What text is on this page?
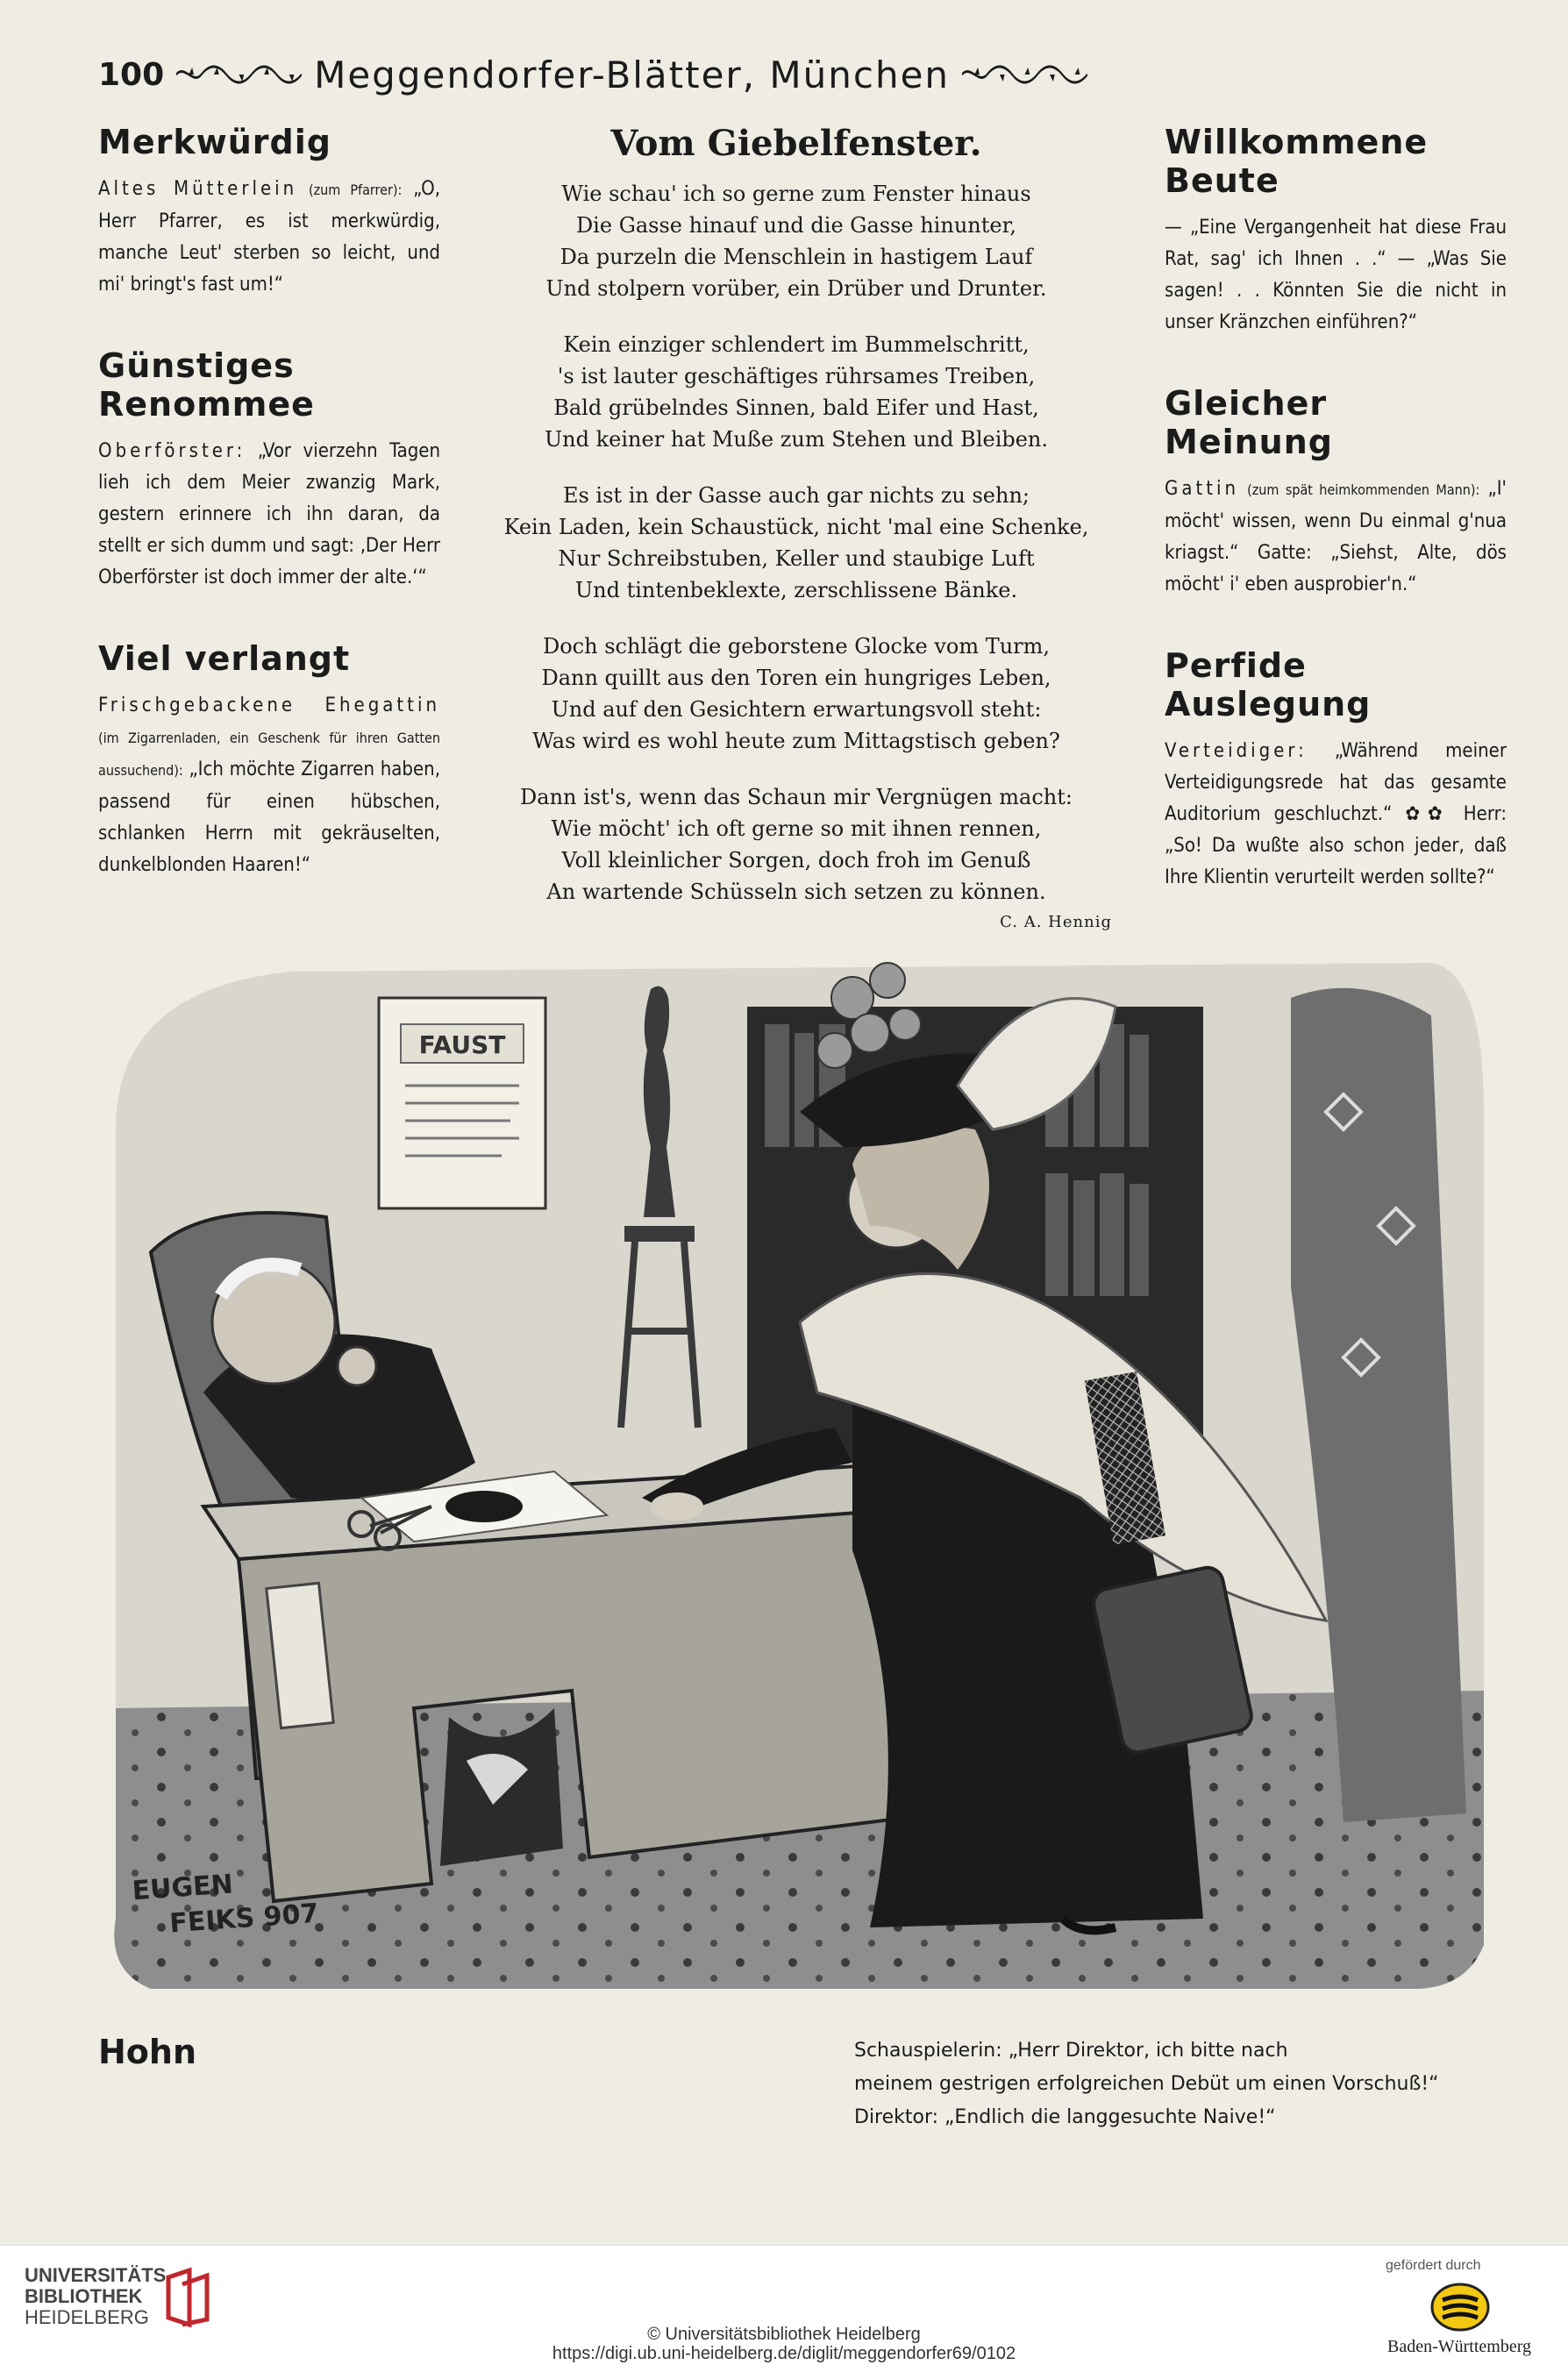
100	Meggendorfer-Blätter, München
Merkwürdig

Altes Mütterlein (zum Pfarrer): „O, Herr Pfarrer, es ist merkwürdig, manche Leut' sterben so leicht, und mi' bringt's fast um!“

Günstiges Renommee

Oberförster: „Vor vierzehn Tagen lieh ich dem Meier zwanzig Mark, gestern erinnere ich ihn daran, da stellt er sich dumm und sagt: ‚Der Herr Oberförster ist doch immer der alte.‘“

Viel verlangt

Frischgebackene Ehegattin (im Zigarrenladen, ein Geschenk für ihren Gatten aussuchend): „Ich möchte Zigarren haben, passend für einen hübschen, schlanken Herrn mit gekräuselten, dunkelblonden Haaren!“

Vom Giebelfenster.
Wie schau' ich so gerne zum Fenster hinaus
Die Gasse hinauf und die Gasse hinunter,
Da purzeln die Menschlein in hastigem Lauf
Und stolpern vorüber, ein Drüber und Drunter.
Kein einziger schlendert im Bummelschritt,
's ist lauter geschäftiges rührsames Treiben,
Bald grübelndes Sinnen, bald Eifer und Hast,
Und keiner hat Muße zum Stehen und Bleiben.
Es ist in der Gasse auch gar nichts zu sehn;
Kein Laden, kein Schaustück, nicht 'mal eine Schenke,
Nur Schreibstuben, Keller und staubige Luft
Und tintenbeklexte, zerschlissene Bänke.
Doch schlägt die geborstene Glocke vom Turm,
Dann quillt aus den Toren ein hungriges Leben,
Und auf den Gesichtern erwartungsvoll steht:
Was wird es wohl heute zum Mittagstisch geben?
Dann ist's, wenn das Schaun mir Vergnügen macht:
Wie möcht' ich oft gerne so mit ihnen rennen,
Voll kleinlicher Sorgen, doch froh im Genuß
An wartende Schüsseln sich setzen zu können.
C. A. Hennig
Willkommene Beute

— „Eine Vergangenheit hat diese Frau Rat, sag' ich Ihnen . .“ — „Was Sie sagen! . . Könnten Sie die nicht in unser Kränzchen einführen?“

Gleicher Meinung

Gattin (zum spät heimkommenden Mann): „I' möcht' wissen, wenn Du einmal g'nua kriagst.“ Gatte: „Siehst, Alte, dös möcht' i' eben ausprobier'n.“

Perfide Auslegung

Verteidiger: „Während meiner Verteidigungsrede hat das gesamte Auditorium geschluchzt.“ ✿✿ Herr: „So! Da wußte also schon jeder, daß Ihre Klientin verurteilt werden sollte?“

FAUST
EUGEN
FEIKS 907
Hohn	Schauspielerin: „Herr Direktor, ich bitte nach
meinem gestrigen erfolgreichen Debüt um einen Vorschuß!“
Direktor: „Endlich die langgesuchte Naive!“
UNIVERSITÄTS-
BIBLIOTHEK
HEIDELBERG
© Universitätsbibliothek Heidelberg
https://digi.ub.uni-heidelberg.de/diglit/meggendorfer69/0102
gefördert durch
Baden-Württemberg
